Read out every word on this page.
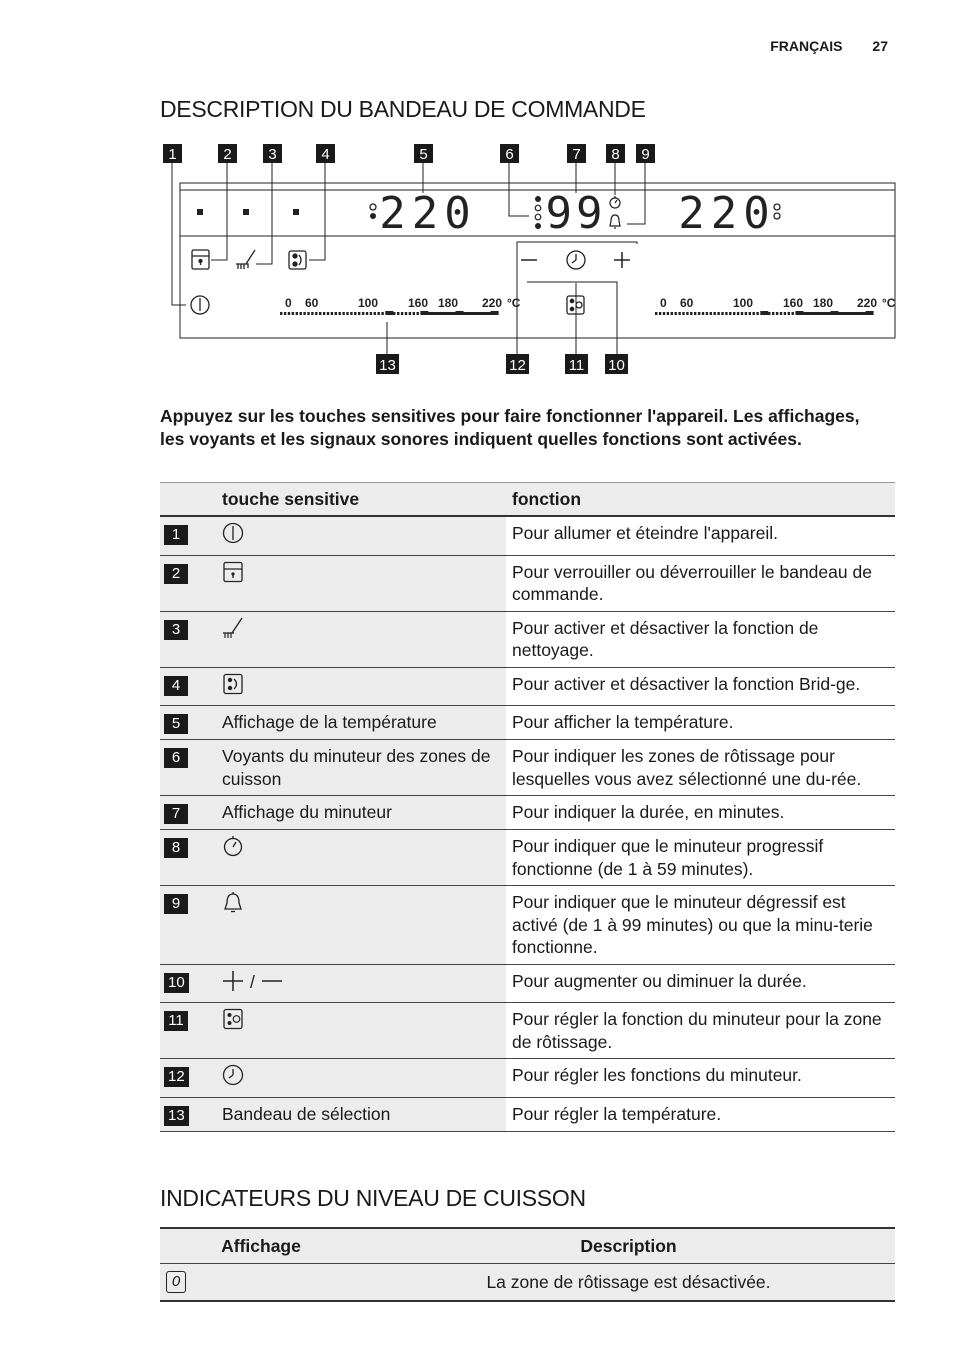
FRANÇAIS 27
DESCRIPTION DU BANDEAU DE COMMANDE
1	2 3	4	5	6	7 8 9
13	12	11 10
220 99 220
0 60	100 160 180 220 °C	0 60	100 160 180 220 °C
Appuyez sur les touches sensitives pour faire fonctionner l'appareil. Les affichages, les voyants et les signaux sonores indiquent quelles fonctions sont activées.
	touche sensitive	fonction
1		Pour allumer et éteindre l'appareil.
2		Pour verrouiller ou déverrouiller le bandeau de commande.
3		Pour activer et désactiver la fonction de nettoyage.
4		Pour activer et désactiver la fonction Brid-ge.
5	Affichage de la température	Pour afficher la température.
6	Voyants du minuteur des zones de cuisson	Pour indiquer les zones de rôtissage pour lesquelles vous avez sélectionné une du-rée.
7	Affichage du minuteur	Pour indiquer la durée, en minutes.
8		Pour indiquer que le minuteur progressif fonctionne (de 1 à 59 minutes).
9		Pour indiquer que le minuteur dégressif est activé (de 1 à 99 minutes) ou que la minu-terie fonctionne.
10	/	Pour augmenter ou diminuer la durée.
11		Pour régler la fonction du minuteur pour la zone de rôtissage.
12		Pour régler les fonctions du minuteur.
13	Bandeau de sélection	Pour régler la température.
INDICATEURS DU NIVEAU DE CUISSON
Affichage	Description
0	La zone de rôtissage est désactivée.
